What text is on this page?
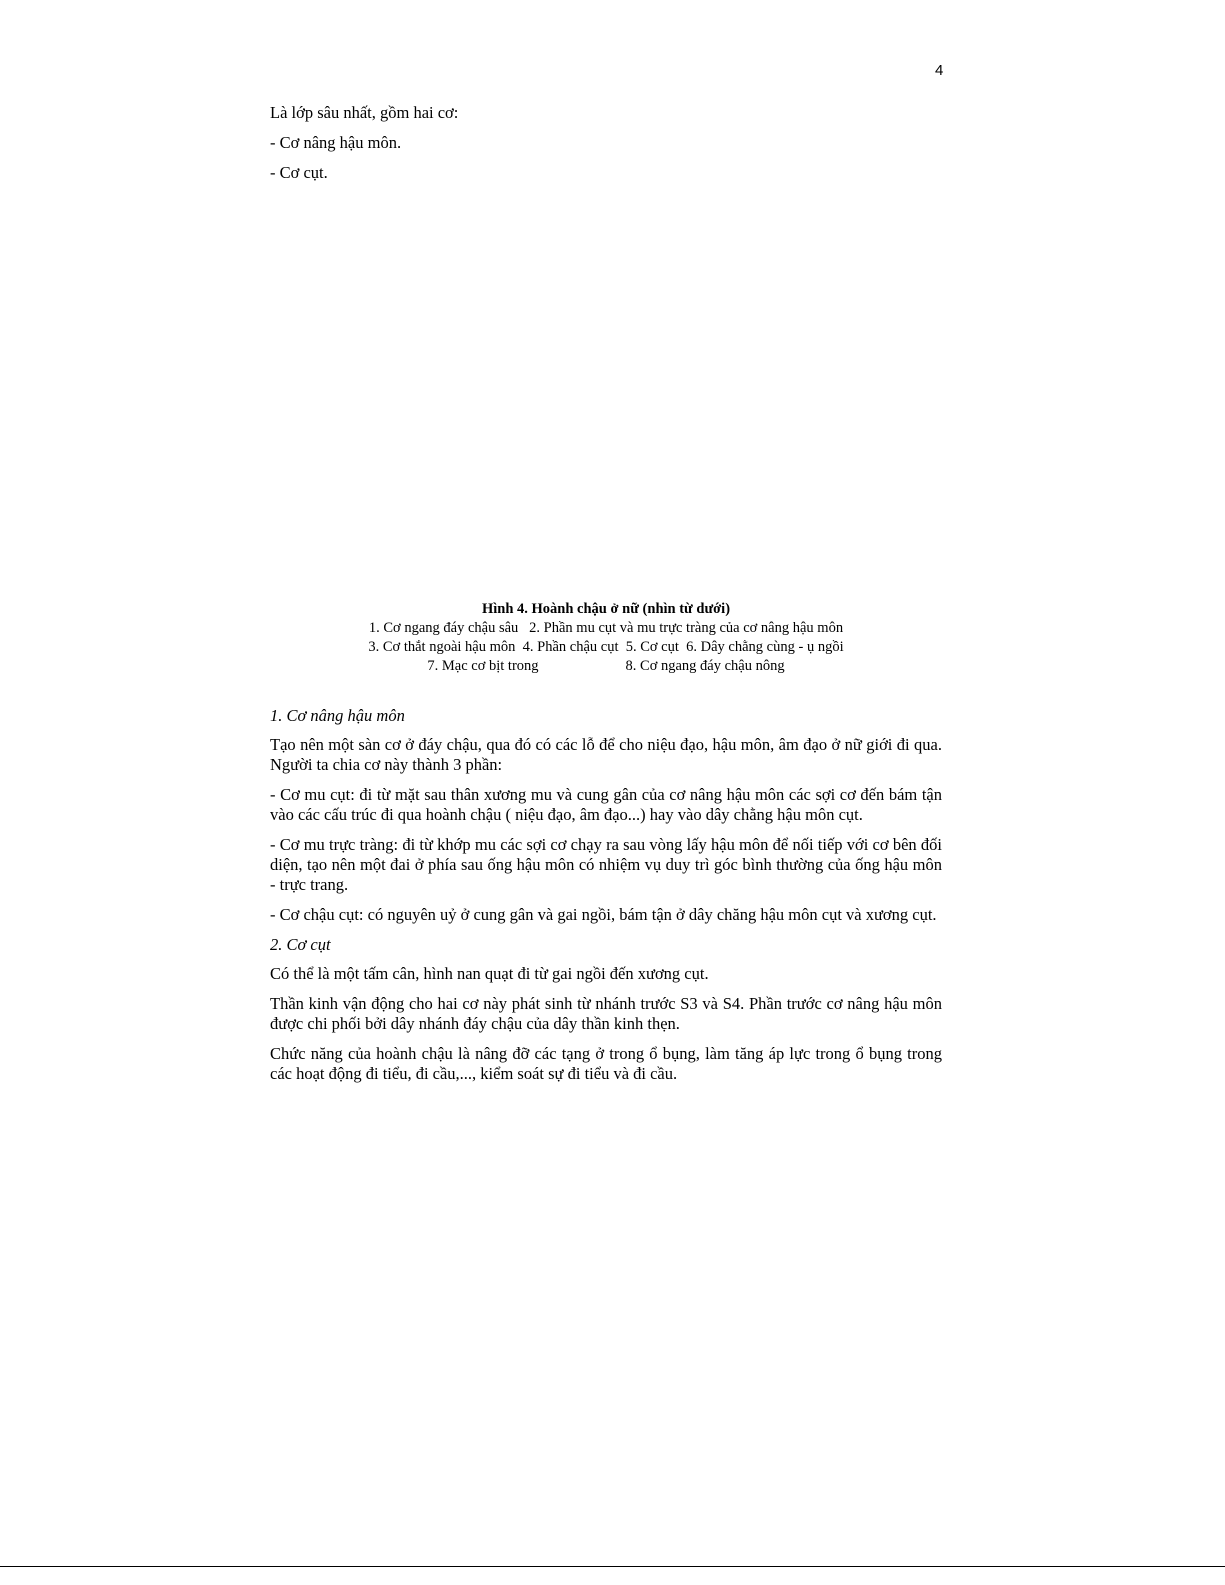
4

Là lớp sâu nhất, gồm hai cơ:

- Cơ nâng hậu môn.

- Cơ cụt.

Hình 4. Hoành chậu ở nữ (nhìn từ dưới)
1. Cơ ngang đáy chậu sâu   2. Phần mu cụt và mu trực tràng của cơ nâng hậu môn
3. Cơ thắt ngoài hậu môn  4. Phần chậu cụt  5. Cơ cụt  6. Dây chằng cùng - ụ ngồi
7. Mạc cơ bịt trong                        8. Cơ ngang đáy chậu nông

1. Cơ nâng hậu môn

Tạo nên một sàn cơ ở đáy chậu, qua đó có các lỗ để cho niệu đạo, hậu môn, âm đạo ở nữ giới đi qua. Người ta chia cơ này thành 3 phần:

- Cơ mu cụt: đi từ mặt sau thân xương mu và cung gân của cơ nâng hậu môn các sợi cơ đến bám tận vào các cấu trúc đi qua hoành chậu ( niệu đạo, âm đạo...) hay vào dây chằng hậu môn cụt.

- Cơ mu trực tràng: đi từ khớp mu các sợi cơ chạy ra sau vòng lấy hậu môn để nối tiếp với cơ bên đối diện, tạo nên một đai ở phía sau ống hậu môn có nhiệm vụ duy trì góc bình thường của ống hậu môn - trực trang.

- Cơ chậu cụt: có nguyên uỷ ở cung gân và gai ngồi, bám tận ở dây chăng hậu môn cụt và xương cụt.

2. Cơ cụt

Có thể là một tấm cân, hình nan quạt đi từ gai ngồi đến xương cụt.

Thần kinh vận động cho hai cơ này phát sinh từ nhánh trước S3 và S4. Phần trước cơ nâng hậu môn được chi phối bởi dây nhánh đáy chậu của dây thần kinh thẹn.

Chức năng của hoành chậu là nâng đỡ các tạng ở trong ổ bụng, làm tăng áp lực trong ổ bụng trong các hoạt động đi tiểu, đi cầu,..., kiểm soát sự đi tiểu và đi cầu.
